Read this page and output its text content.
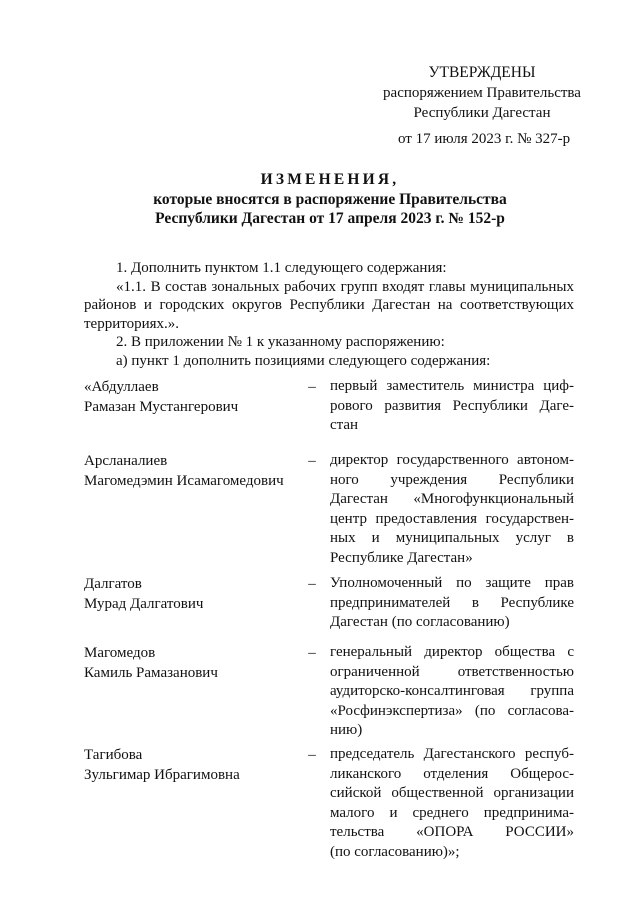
УТВЕРЖДЕНЫ
распоряжением Правительства
Республики Дагестан
от 17 июля 2023 г. № 327-р
ИЗМЕНЕНИЯ,
которые вносятся в распоряжение Правительства
Республики Дагестан от 17 апреля 2023 г. № 152-р

1. Дополнить пунктом 1.1 следующего содержания:

«1.1. В состав зональных рабочих групп входят главы муниципальных

районов и городских округов Республики Дагестан на соответствующих

территориях.».

2. В приложении № 1 к указанному распоряжению:

а) пункт 1 дополнить позициями следующего содержания:

«Абдуллаев
Рамазан Мустангерович
– первый заместитель министра циф-
рового развития Республики Даге-
стан
Арсланалиев
Магомедэмин Исамагомедович
– директор государственного автоном-
ного учреждения Республики
Дагестан «Многофункциональный
центр предоставления государствен-
ных и муниципальных услуг в
Республике Дагестан»
Далгатов
Мурад Далгатович
– Уполномоченный по защите прав
предпринимателей в Республике
Дагестан (по согласованию)
Магомедов
Камиль Рамазанович
– генеральный директор общества с
ограниченной ответственностью
аудиторско-консалтинговая группа
«Росфинэкспертиза» (по согласова-
нию)
Тагибова
Зульгимар Ибрагимовна
– председатель Дагестанского респуб-
ликанского отделения Общерос-
сийской общественной организации
малого и среднего предпринима-
тельства «ОПОРА РОССИИ»
(по согласованию)»;
